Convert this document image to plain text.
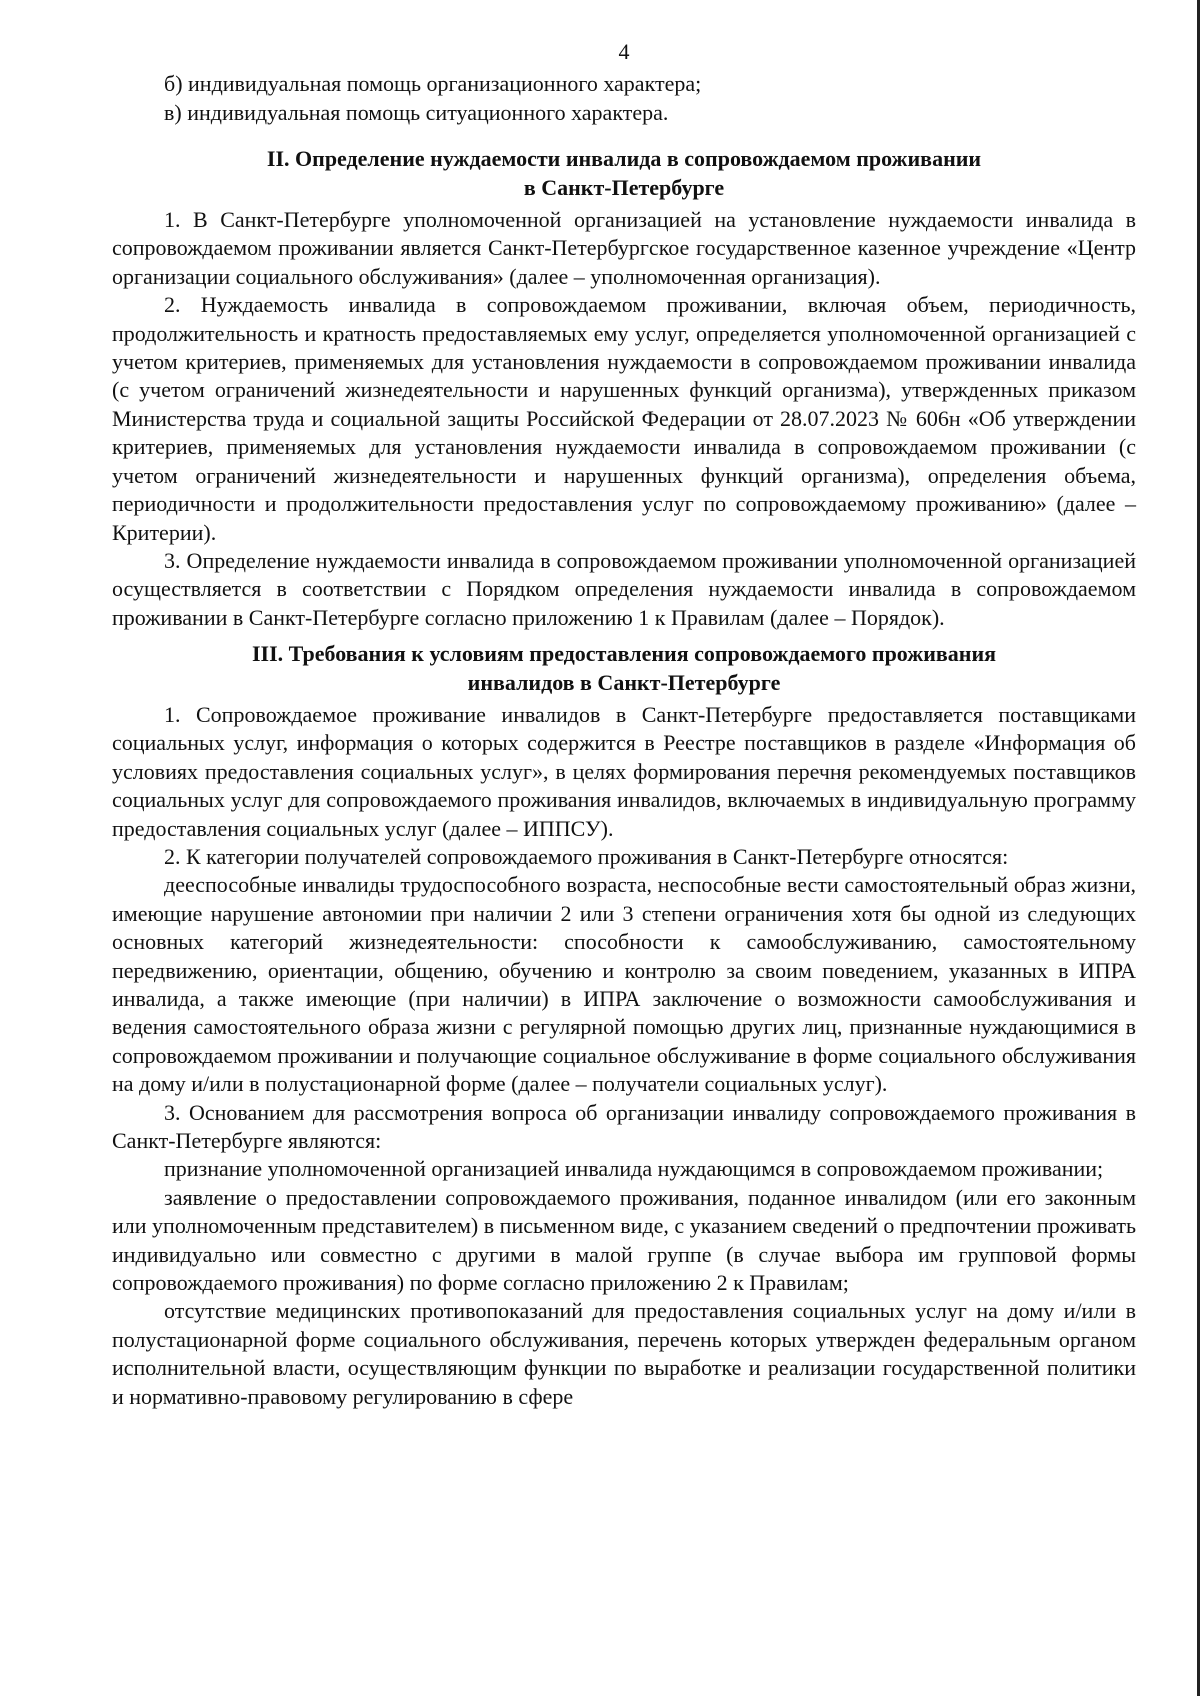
4

б) индивидуальная помощь организационного характера;

в) индивидуальная помощь ситуационного характера.

II. Определение нуждаемости инвалида в сопровождаемом проживании
в Санкт-Петербурге

1. В Санкт-Петербурге уполномоченной организацией на установление нуждаемости инвалида в сопровождаемом проживании является Санкт-Петербургское государственное казенное учреждение «Центр организации социального обслуживания» (далее – уполномоченная организация).

2. Нуждаемость инвалида в сопровождаемом проживании, включая объем, периодичность, продолжительность и кратность предоставляемых ему услуг, определяется уполномоченной организацией с учетом критериев, применяемых для установления нуждаемости в сопровождаемом проживании инвалида (с учетом ограничений жизнедеятельности и нарушенных функций организма), утвержденных приказом Министерства труда и социальной защиты Российской Федерации от 28.07.2023 № 606н «Об утверждении критериев, применяемых для установления нуждаемости инвалида в сопровождаемом проживании (с учетом ограничений жизнедеятельности и нарушенных функций организма), определения объема, периодичности и продолжительности предоставления услуг по сопровождаемому проживанию» (далее – Критерии).

3. Определение нуждаемости инвалида в сопровождаемом проживании уполномоченной организацией осуществляется в соответствии с Порядком определения нуждаемости инвалида в сопровождаемом проживании в Санкт-Петербурге согласно приложению 1 к Правилам (далее – Порядок).

III. Требования к условиям предоставления сопровождаемого проживания
инвалидов в Санкт-Петербурге

1. Сопровождаемое проживание инвалидов в Санкт-Петербурге предоставляется поставщиками социальных услуг, информация о которых содержится в Реестре поставщиков в разделе «Информация об условиях предоставления социальных услуг», в целях формирования перечня рекомендуемых поставщиков социальных услуг для сопровождаемого проживания инвалидов, включаемых в индивидуальную программу предоставления социальных услуг (далее – ИППСУ).

2. К категории получателей сопровождаемого проживания в Санкт-Петербурге относятся:

дееспособные инвалиды трудоспособного возраста, неспособные вести самостоятельный образ жизни, имеющие нарушение автономии при наличии 2 или 3 степени ограничения хотя бы одной из следующих основных категорий жизнедеятельности: способности к самообслуживанию, самостоятельному передвижению, ориентации, общению, обучению и контролю за своим поведением, указанных в ИПРА инвалида, а также имеющие (при наличии) в ИПРА заключение о возможности самообслуживания и ведения самостоятельного образа жизни с регулярной помощью других лиц, признанные нуждающимися в сопровождаемом проживании и получающие социальное обслуживание в форме социального обслуживания на дому и/или в полустационарной форме (далее – получатели социальных услуг).

3. Основанием для рассмотрения вопроса об организации инвалиду сопровождаемого проживания в Санкт-Петербурге являются:

признание уполномоченной организацией инвалида нуждающимся в сопровождаемом проживании;

заявление о предоставлении сопровождаемого проживания, поданное инвалидом (или его законным или уполномоченным представителем) в письменном виде, с указанием сведений о предпочтении проживать индивидуально или совместно с другими в малой группе (в случае выбора им групповой формы сопровождаемого проживания) по форме согласно приложению 2 к Правилам;

отсутствие медицинских противопоказаний для предоставления социальных услуг на дому и/или в полустационарной форме социального обслуживания, перечень которых утвержден федеральным органом исполнительной власти, осуществляющим функции по выработке и реализации государственной политики и нормативно-правовому регулированию в сфере
